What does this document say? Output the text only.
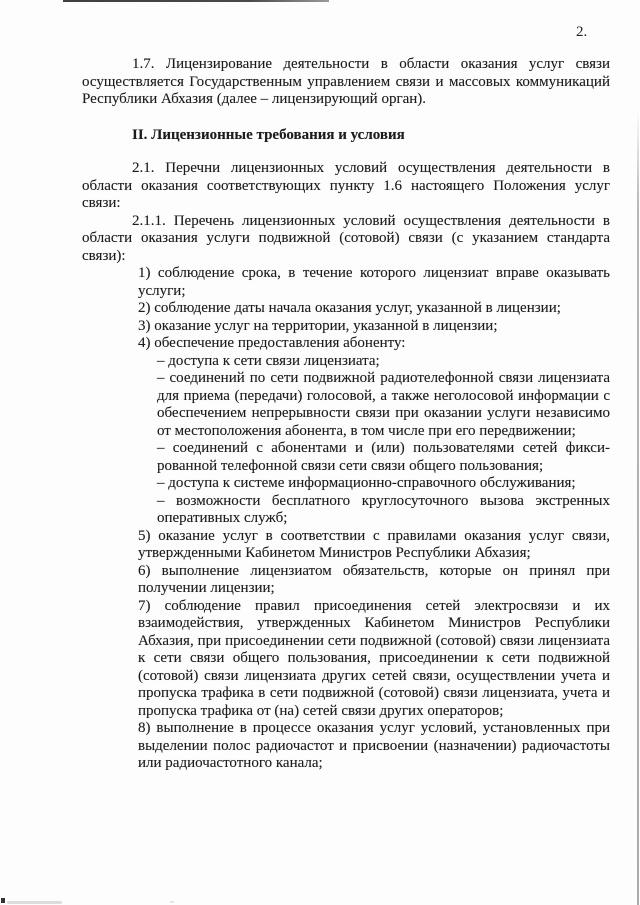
2.

1.7. Лицензирование деятельности в области оказания услуг связи осуществляется Государственным управлением связи и массовых коммуникаций Республики Абхазия (далее – лицензирующий орган).

II. Лицензионные требования и условия

2.1. Перечни лицензионных условий осуществления деятельности в области оказания соответствующих пункту 1.6 настоящего Положения услуг связи:

2.1.1. Перечень лицензионных условий осуществления деятельности в области оказания услуги подвижной (сотовой) связи (с указанием стандарта связи):

1) соблюдение срока, в течение которого лицензиат вправе оказывать услуги;

2) соблюдение даты начала оказания услуг, указанной в лицензии;

3) оказание услуг на территории, указанной в лицензии;

4) обеспечение предоставления абоненту:

– доступа к сети связи лицензиата;

– соединений по сети подвижной радиотелефонной связи лицензиата для приема (передачи) голосовой, а также неголосовой информации с обеспечением непрерывности связи при оказании услуги независимо от местоположения абонента, в том числе при его передвижении;

– соединений с абонентами и (или) пользователями сетей фиксированной телефонной связи сети связи общего пользования;

– доступа к системе информационно-справочного обслуживания;

– возможности бесплатного круглосуточного вызова экстренных оперативных служб;

5) оказание услуг в соответствии с правилами оказания услуг связи, утвержденными Кабинетом Министров Республики Абхазия;

6) выполнение лицензиатом обязательств, которые он принял при получении лицензии;

7) соблюдение правил присоединения сетей электросвязи и их взаимодействия, утвержденных Кабинетом Министров Республики Абхазия, при присоединении сети подвижной (сотовой) связи лицензиата к сети связи общего пользования, присоединении к сети подвижной (сотовой) связи лицензиата других сетей связи, осуществлении учета и пропуска трафика в сети подвижной (сотовой) связи лицензиата, учета и пропуска трафика от (на) сетей связи других операторов;

8) выполнение в процессе оказания услуг условий, установленных при выделении полос радиочастот и присвоении (назначении) радиочастоты или радиочастотного канала;
